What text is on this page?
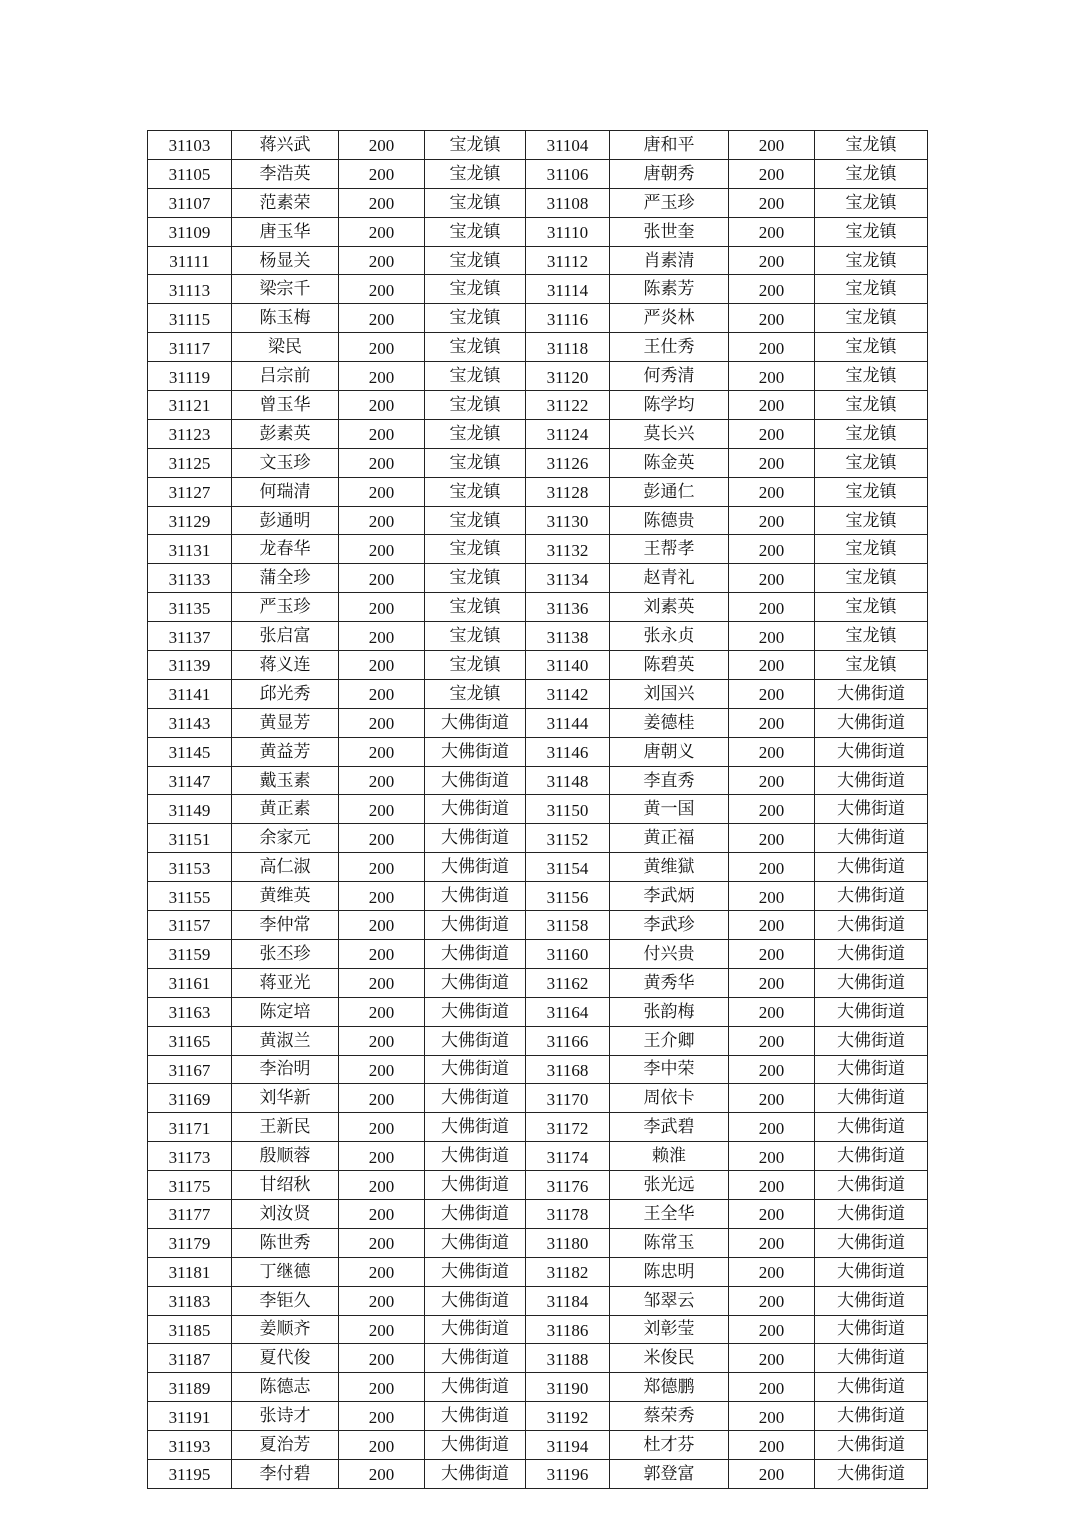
31103	蒋兴武	200	宝龙镇	31104	唐和平	200	宝龙镇
31105	李浩英	200	宝龙镇	31106	唐朝秀	200	宝龙镇
31107	范素荣	200	宝龙镇	31108	严玉珍	200	宝龙镇
31109	唐玉华	200	宝龙镇	31110	张世奎	200	宝龙镇
31111	杨显关	200	宝龙镇	31112	肖素清	200	宝龙镇
31113	梁宗千	200	宝龙镇	31114	陈素芳	200	宝龙镇
31115	陈玉梅	200	宝龙镇	31116	严炎林	200	宝龙镇
31117	梁民	200	宝龙镇	31118	王仕秀	200	宝龙镇
31119	吕宗前	200	宝龙镇	31120	何秀清	200	宝龙镇
31121	曾玉华	200	宝龙镇	31122	陈学均	200	宝龙镇
31123	彭素英	200	宝龙镇	31124	莫长兴	200	宝龙镇
31125	文玉珍	200	宝龙镇	31126	陈金英	200	宝龙镇
31127	何瑞清	200	宝龙镇	31128	彭通仁	200	宝龙镇
31129	彭通明	200	宝龙镇	31130	陈德贵	200	宝龙镇
31131	龙春华	200	宝龙镇	31132	王帮孝	200	宝龙镇
31133	蒲全珍	200	宝龙镇	31134	赵青礼	200	宝龙镇
31135	严玉珍	200	宝龙镇	31136	刘素英	200	宝龙镇
31137	张启富	200	宝龙镇	31138	张永贞	200	宝龙镇
31139	蒋义连	200	宝龙镇	31140	陈碧英	200	宝龙镇
31141	邱光秀	200	宝龙镇	31142	刘国兴	200	大佛街道
31143	黄显芳	200	大佛街道	31144	姜德桂	200	大佛街道
31145	黄益芳	200	大佛街道	31146	唐朝义	200	大佛街道
31147	戴玉素	200	大佛街道	31148	李直秀	200	大佛街道
31149	黄正素	200	大佛街道	31150	黄一国	200	大佛街道
31151	余家元	200	大佛街道	31152	黄正福	200	大佛街道
31153	高仁淑	200	大佛街道	31154	黄维獄	200	大佛街道
31155	黄维英	200	大佛街道	31156	李武炳	200	大佛街道
31157	李仲常	200	大佛街道	31158	李武珍	200	大佛街道
31159	张丕珍	200	大佛街道	31160	付兴贵	200	大佛街道
31161	蒋亚光	200	大佛街道	31162	黄秀华	200	大佛街道
31163	陈定培	200	大佛街道	31164	张韵梅	200	大佛街道
31165	黄淑兰	200	大佛街道	31166	王介卿	200	大佛街道
31167	李治明	200	大佛街道	31168	李中荣	200	大佛街道
31169	刘华新	200	大佛街道	31170	周依卡	200	大佛街道
31171	王新民	200	大佛街道	31172	李武碧	200	大佛街道
31173	殷顺蓉	200	大佛街道	31174	赖淮	200	大佛街道
31175	甘绍秋	200	大佛街道	31176	张光远	200	大佛街道
31177	刘汝贤	200	大佛街道	31178	王全华	200	大佛街道
31179	陈世秀	200	大佛街道	31180	陈常玉	200	大佛街道
31181	丁继德	200	大佛街道	31182	陈忠明	200	大佛街道
31183	李钜久	200	大佛街道	31184	邹翠云	200	大佛街道
31185	姜顺齐	200	大佛街道	31186	刘彰莹	200	大佛街道
31187	夏代俊	200	大佛街道	31188	米俊民	200	大佛街道
31189	陈德志	200	大佛街道	31190	郑德鹏	200	大佛街道
31191	张诗才	200	大佛街道	31192	蔡荣秀	200	大佛街道
31193	夏治芳	200	大佛街道	31194	杜才芬	200	大佛街道
31195	李付碧	200	大佛街道	31196	郭登富	200	大佛街道
